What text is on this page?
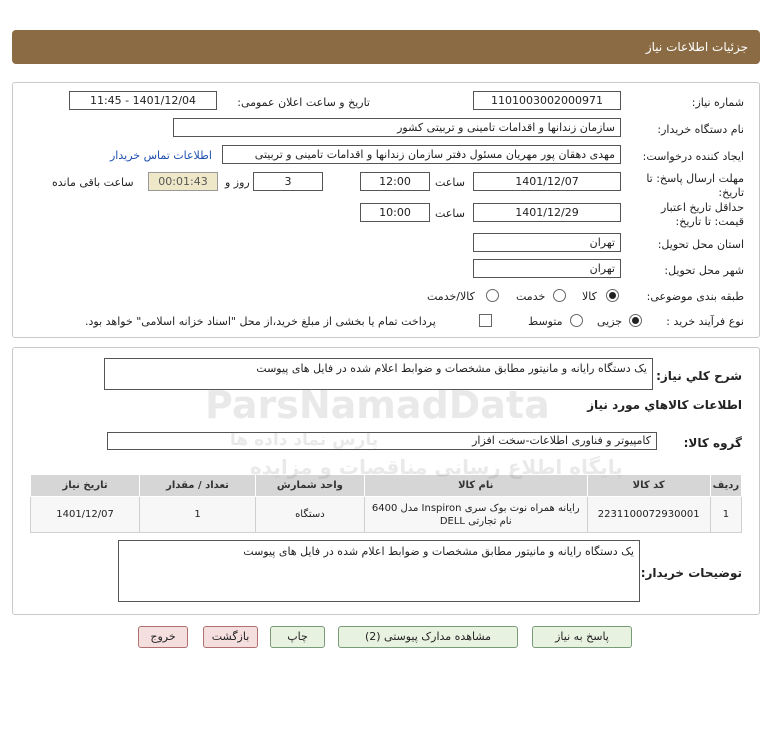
جزئیات اطلاعات نیاز
شماره نیاز:
1101003002000971
تاریخ و ساعت اعلان عمومی:
1401/12/04 - 11:45
نام دستگاه خریدار:
سازمان زندانها و اقدامات تامینی و تربیتی کشور
ایجاد کننده درخواست:
مهدی دهقان پور مهریان مسئول دفتر سازمان زندانها و اقدامات تامینی و تربیتی
اطلاعات تماس خریدار
مهلت ارسال پاسخ: تا
تاریخ:
1401/12/07
ساعت
12:00
3
روز و
00:01:43
ساعت باقی مانده
حداقل تاریخ اعتبار
قیمت: تا تاریخ:
1401/12/29
ساعت
10:00
استان محل تحویل:
تهران
شهر محل تحویل:
تهران
طبقه بندی موضوعی:
کالا
خدمت
کالا/خدمت
نوع فرآیند خرید :
جزیی
متوسط
پرداخت تمام یا بخشی از مبلغ خرید،از محل "اسناد خزانه اسلامی" خواهد بود.
شرح کلي نياز:
یک دستگاه رایانه و مانیتور مطابق مشخصات و ضوابط اعلام شده در فایل های پیوست
اطلاعات کالاهاي مورد نياز
گروه کالا:
کامپیوتر و فناوری اطلاعات-سخت افزار
ردیف	کد کالا	نام کالا	واحد شمارش	تعداد / مقدار	تاریخ نیاز
1	2231100072930001	رایانه همراه نوت بوک سری Inspiron مدل 6400 نام تجارتی DELL	دستگاه	1	1401/12/07
توضیحات خریدار:
یک دستگاه رایانه و مانیتور مطابق مشخصات و ضوابط اعلام شده در فایل های پیوست
پاسخ به نیاز
مشاهده مدارک پیوستی (2)
چاپ
بازگشت
خروج
